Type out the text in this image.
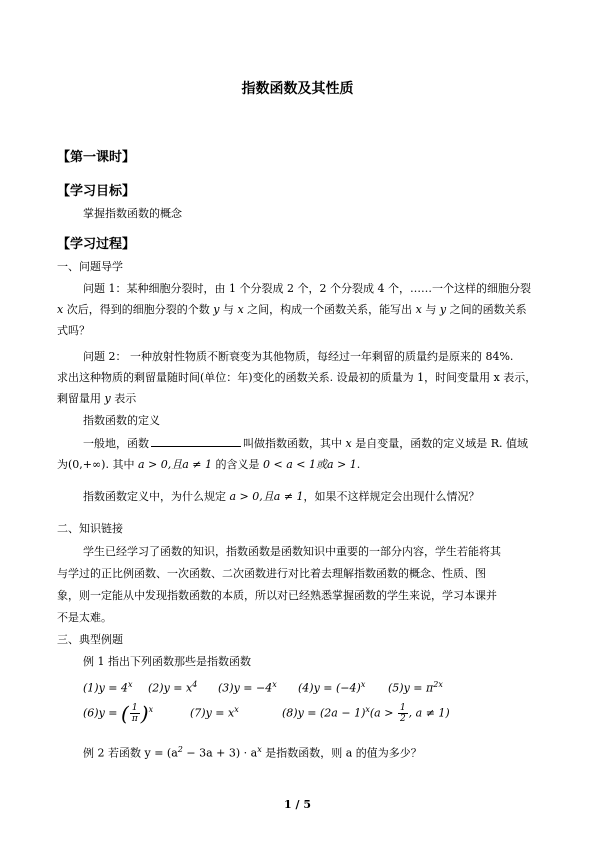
指数函数及其性质
【第一课时】
【学习目标】
掌握指数函数的概念
【学习过程】
一、问题导学
问题 1：某种细胞分裂时，由 1 个分裂成 2 个，2 个分裂成 4 个，……一个这样的细胞分裂
x 次后，得到的细胞分裂的个数 y 与 x 之间，构成一个函数关系，能写出 x 与 y 之间的函数关系
式吗？
问题 2： 一种放射性物质不断衰变为其他物质，每经过一年剩留的质量约是原来的 84%.
求出这种物质的剩留量随时间(单位：年)变化的函数关系. 设最初的质量为 1，时间变量用 x 表示，
剩留量用 y 表示
指数函数的定义
一般地，函数	叫做指数函数，其中 x 是自变量，函数的定义域是 R. 值域
为(0,+∞). 其中 a > 0,且a ≠ 1 的含义是 0 < a < 1或a > 1.
指数函数定义中，为什么规定 a > 0,且a ≠ 1，如果不这样规定会出现什么情况？
二、知识链接
学生已经学习了函数的知识，指数函数是函数知识中重要的一部分内容，学生若能将其
与学过的正比例函数、一次函数、二次函数进行对比着去理解指数函数的概念、性质、图
象，则一定能从中发现指数函数的本质，所以对已经熟悉掌握函数的学生来说，学习本课并
不是太难。
三、典型例题
例 1 指出下列函数那些是指数函数
$(1)y = 4^x$ $(2)y = x^4$ $(3)y = -4^x$ $(4)y = (-4)^x$ $(5)y = \pi^{2x}$
(6)y = ( $\frac{1}{\pi} )^x$	$(7)y = x^x$	$(8)y = (2a - 1)^x(a > \frac{1}{2}$ , a ≠ 1)
例 2 若函数 $y = (a^2 - 3a + 3) \cdot a^x$ 是指数函数，则 a 的值为多少？
1 / 5
